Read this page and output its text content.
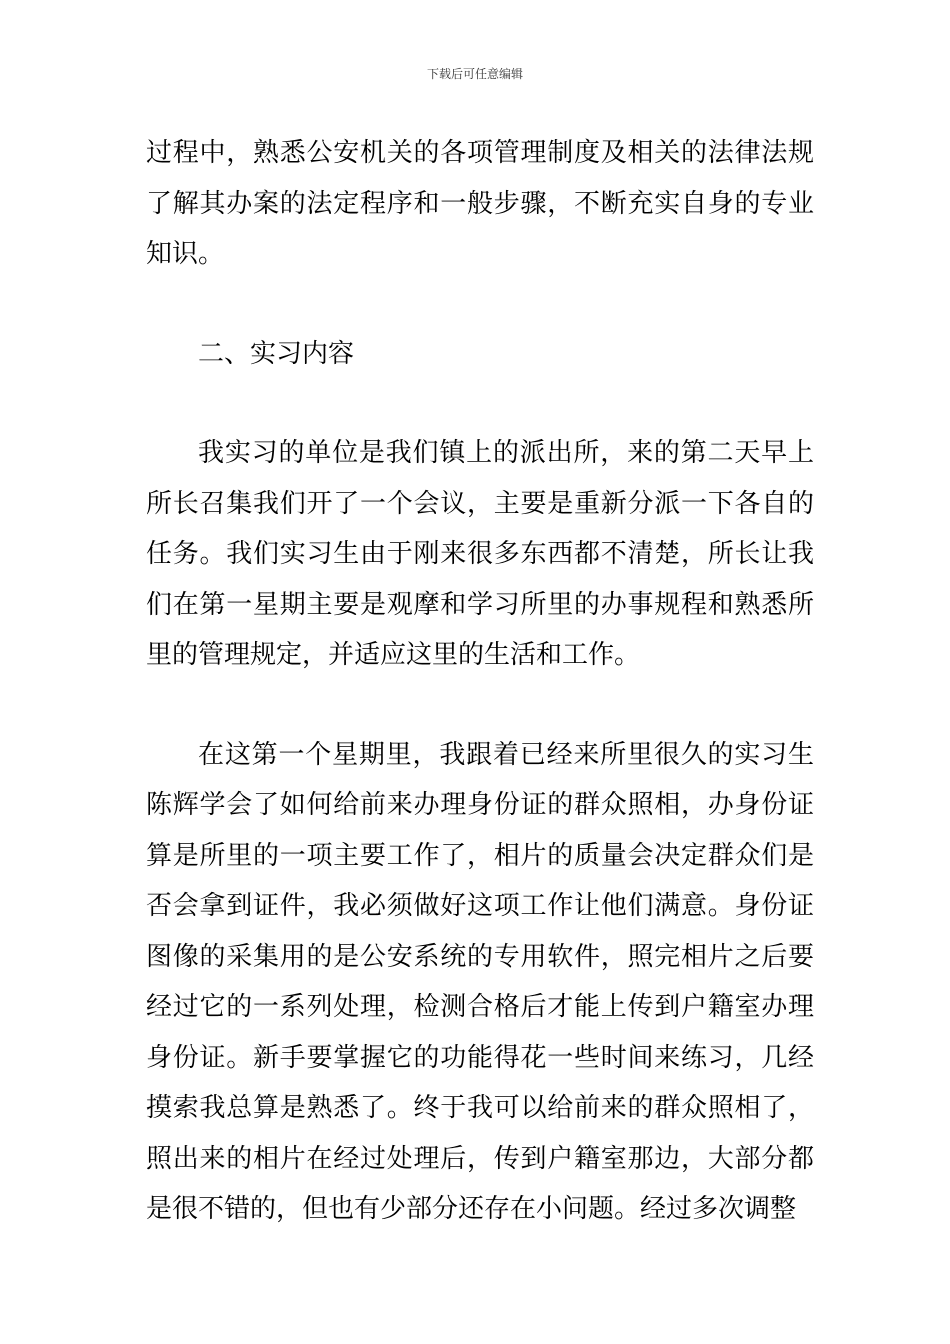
下载后可任意编辑

过程中，熟悉公安机关的各项管理制度及相关的法律法规了解其办案的法定程序和一般步骤，不断充实自身的专业知识。

二、实习内容

我实习的单位是我们镇上的派出所，来的第二天早上所长召集我们开了一个会议，主要是重新分派一下各自的任务。我们实习生由于刚来很多东西都不清楚，所长让我们在第一星期主要是观摩和学习所里的办事规程和熟悉所里的管理规定，并适应这里的生活和工作。

在这第一个星期里，我跟着已经来所里很久的实习生陈辉学会了如何给前来办理身份证的群众照相，办身份证算是所里的一项主要工作了，相片的质量会决定群众们是否会拿到证件，我必须做好这项工作让他们满意。身份证图像的采集用的是公安系统的专用软件，照完相片之后要经过它的一系列处理，检测合格后才能上传到户籍室办理身份证。新手要掌握它的功能得花一些时间来练习，几经摸索我总算是熟悉了。终于我可以给前来的群众照相了，照出来的相片在经过处理后，传到户籍室那边，大部分都是很不错的，但也有少部分还存在小问题。经过多次调整
